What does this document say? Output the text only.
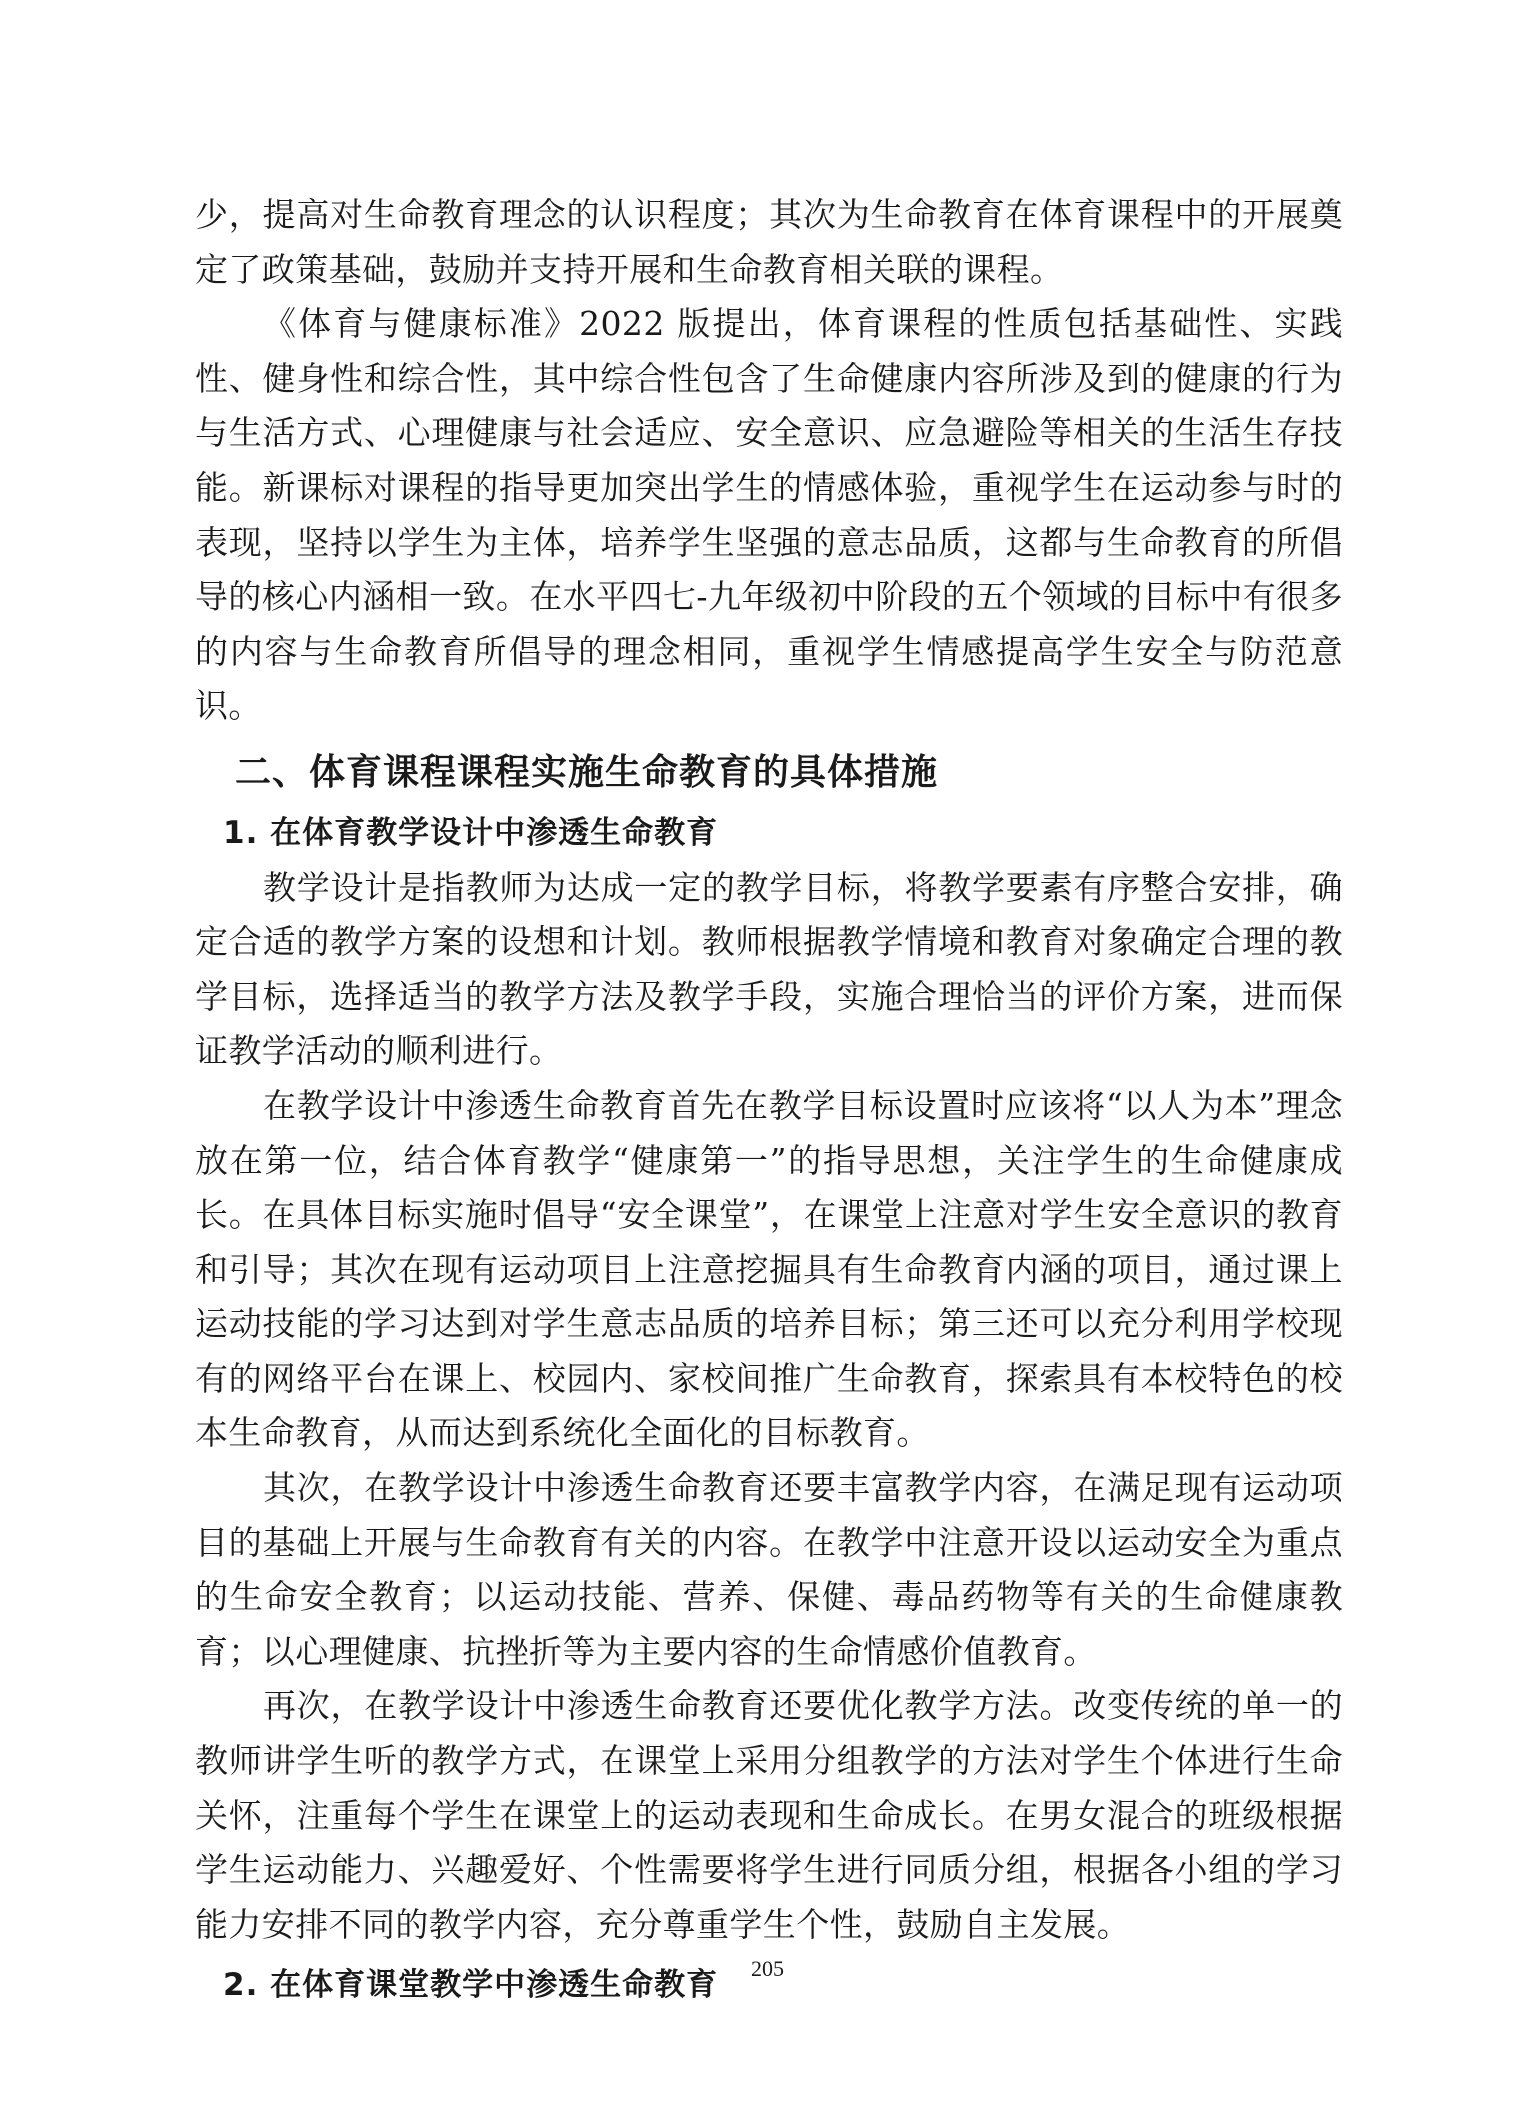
少，提高对生命教育理念的认识程度；其次为生命教育在体育课程中的开展奠定了政策基础，鼓励并支持开展和生命教育相关联的课程。

《体育与健康标准》2022 版提出，体育课程的性质包括基础性、实践性、健身性和综合性，其中综合性包含了生命健康内容所涉及到的健康的行为与生活方式、心理健康与社会适应、安全意识、应急避险等相关的生活生存技能。新课标对课程的指导更加突出学生的情感体验，重视学生在运动参与时的表现，坚持以学生为主体，培养学生坚强的意志品质，这都与生命教育的所倡导的核心内涵相一致。在水平四七-九年级初中阶段的五个领域的目标中有很多的内容与生命教育所倡导的理念相同，重视学生情感提高学生安全与防范意识。

二、体育课程课程实施生命教育的具体措施
1. 在体育教学设计中渗透生命教育

教学设计是指教师为达成一定的教学目标，将教学要素有序整合安排，确定合适的教学方案的设想和计划。教师根据教学情境和教育对象确定合理的教学目标，选择适当的教学方法及教学手段，实施合理恰当的评价方案，进而保证教学活动的顺利进行。

在教学设计中渗透生命教育首先在教学目标设置时应该将“以人为本”理念放在第一位，结合体育教学“健康第一”的指导思想，关注学生的生命健康成长。在具体目标实施时倡导“安全课堂”，在课堂上注意对学生安全意识的教育和引导；其次在现有运动项目上注意挖掘具有生命教育内涵的项目，通过课上运动技能的学习达到对学生意志品质的培养目标；第三还可以充分利用学校现有的网络平台在课上、校园内、家校间推广生命教育，探索具有本校特色的校本生命教育，从而达到系统化全面化的目标教育。

其次，在教学设计中渗透生命教育还要丰富教学内容，在满足现有运动项目的基础上开展与生命教育有关的内容。在教学中注意开设以运动安全为重点的生命安全教育；以运动技能、营养、保健、毒品药物等有关的生命健康教育；以心理健康、抗挫折等为主要内容的生命情感价值教育。

再次，在教学设计中渗透生命教育还要优化教学方法。改变传统的单一的教师讲学生听的教学方式，在课堂上采用分组教学的方法对学生个体进行生命关怀，注重每个学生在课堂上的运动表现和生命成长。在男女混合的班级根据学生运动能力、兴趣爱好、个性需要将学生进行同质分组，根据各小组的学习能力安排不同的教学内容，充分尊重学生个性，鼓励自主发展。

2. 在体育课堂教学中渗透生命教育	205
